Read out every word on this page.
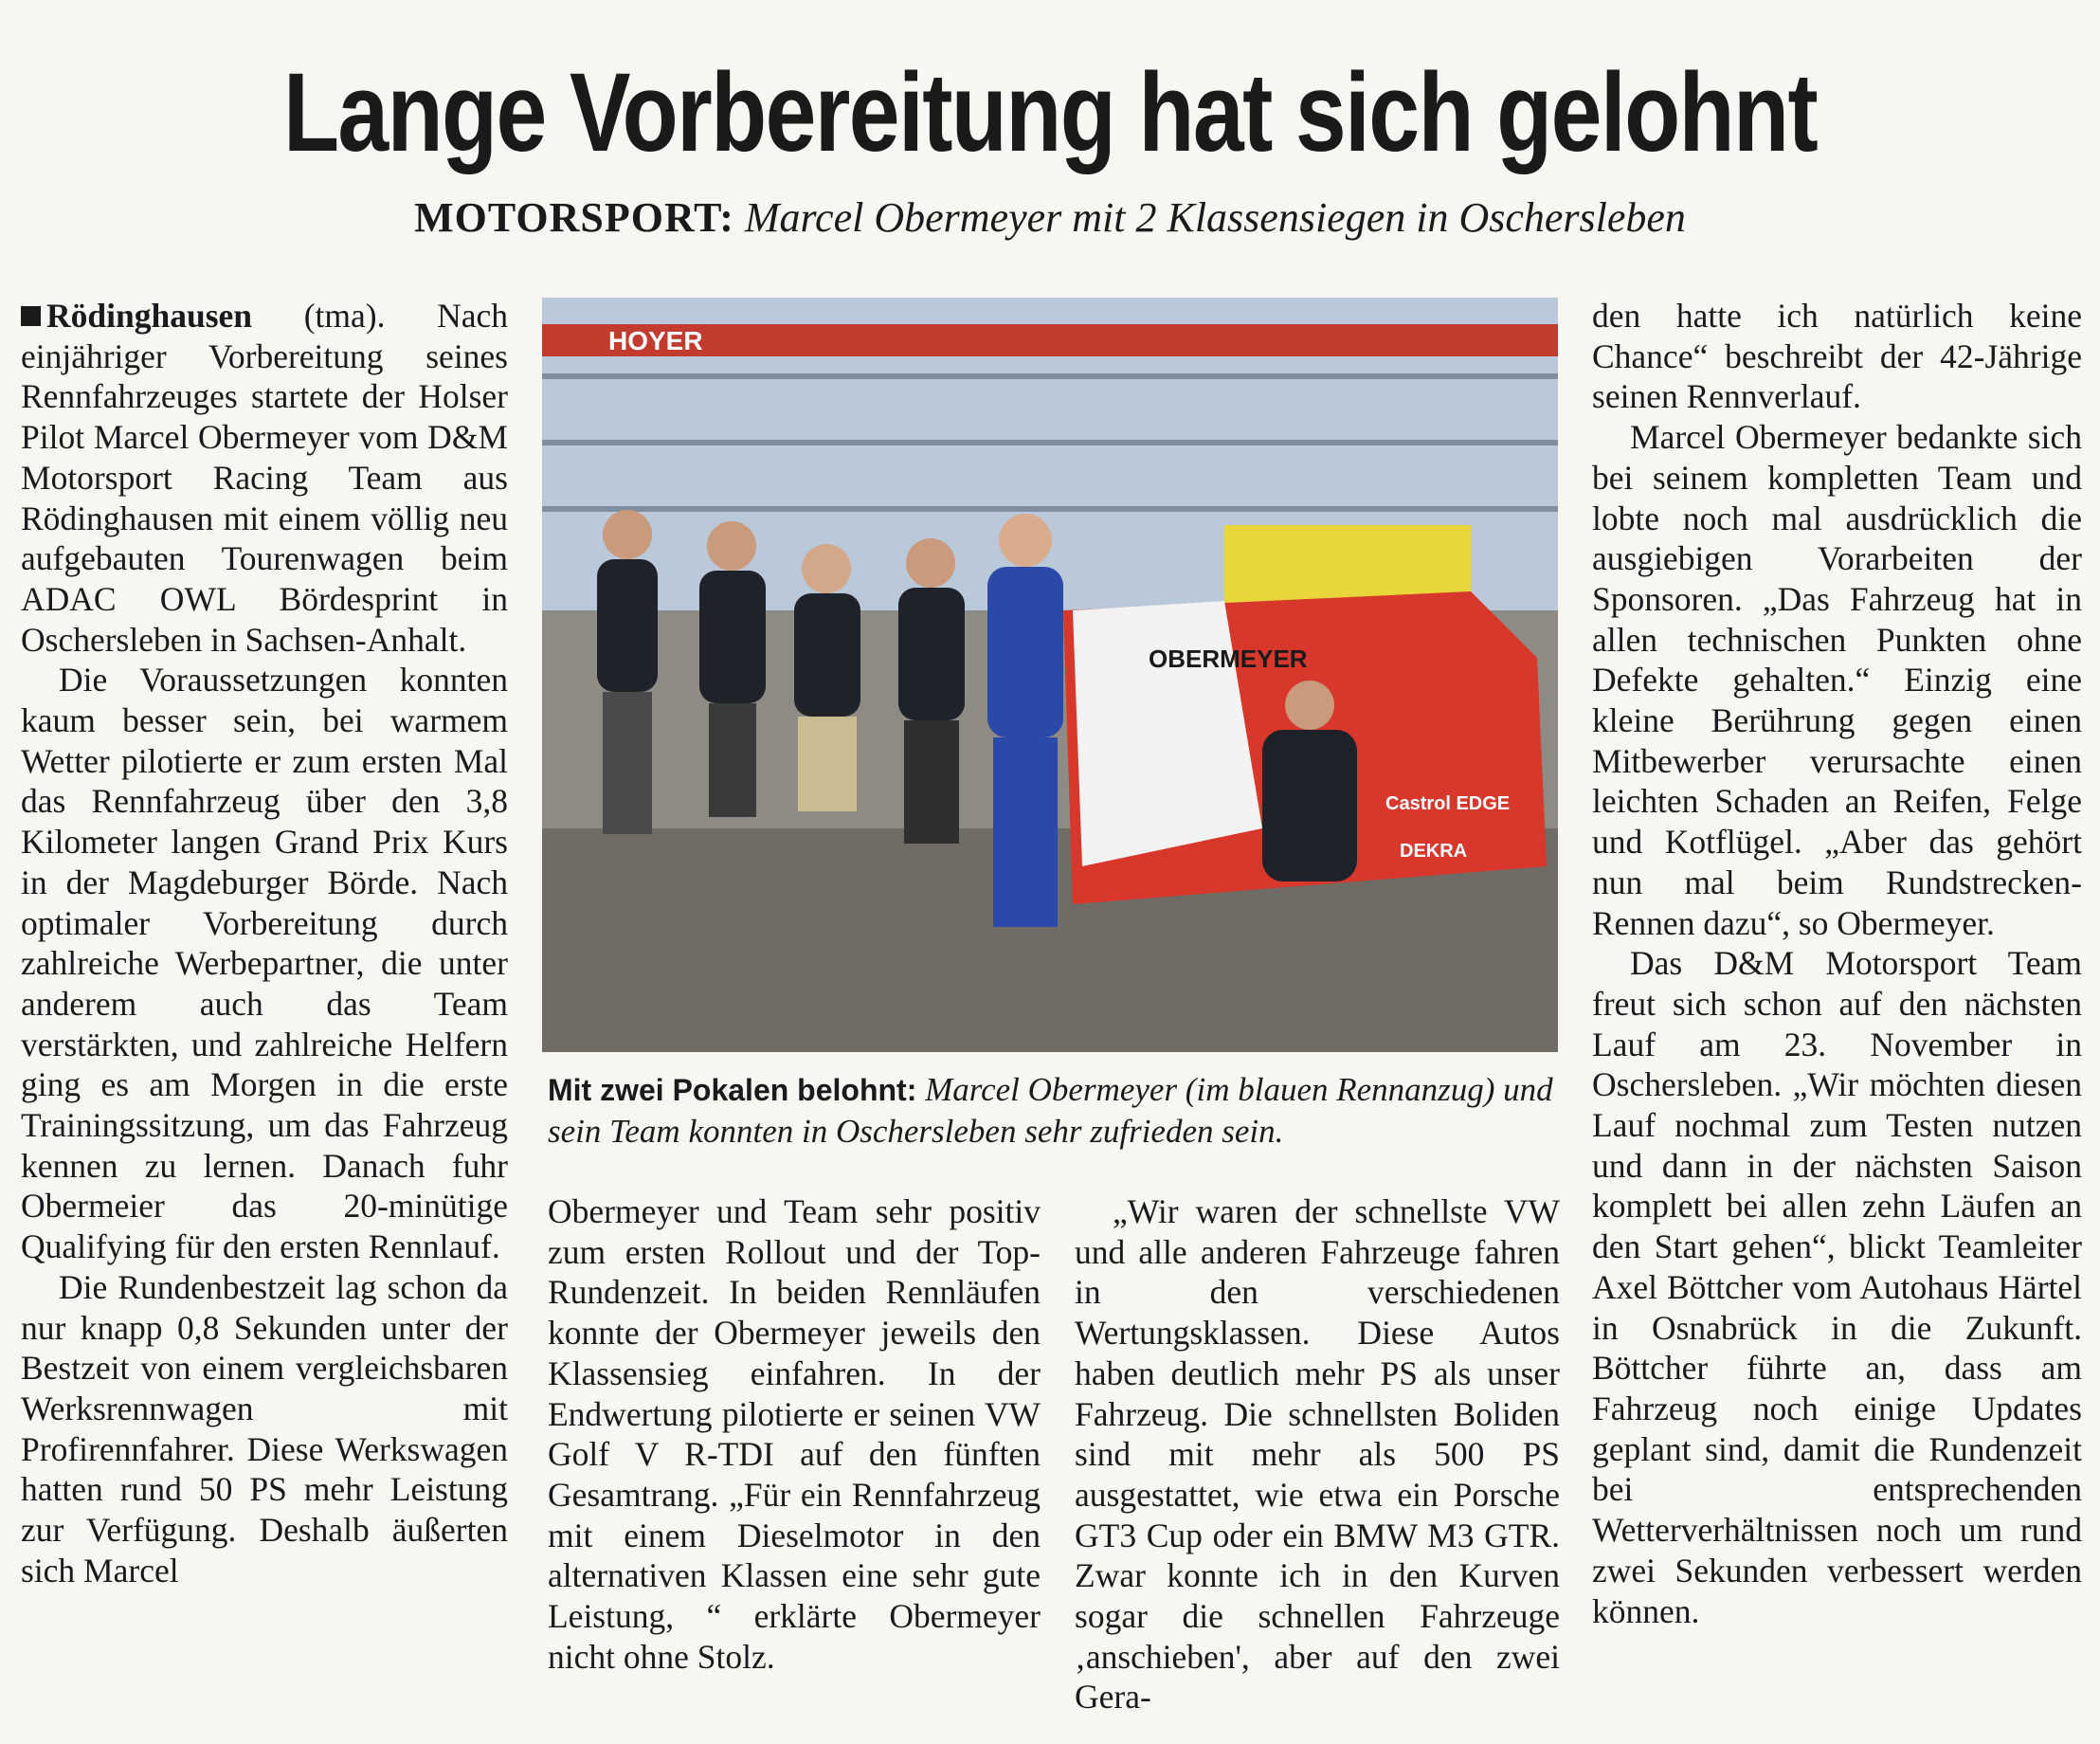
Lange Vorbereitung hat sich gelohnt
MOTORSPORT: Marcel Obermeyer mit 2 Klassensiegen in Oschersleben

Rödinghausen (tma). Nach einjähriger Vorbereitung seines Rennfahrzeuges startete der Holser Pilot Marcel Obermeyer vom D&M Motorsport Racing Team aus Rödinghausen mit einem völlig neu aufgebauten Tourenwagen beim ADAC OWL Bördesprint in Oschersleben in Sachsen-Anhalt.

Die Voraussetzungen konnten kaum besser sein, bei warmem Wetter pilotierte er zum ersten Mal das Rennfahrzeug über den 3,8 Kilometer langen Grand Prix Kurs in der Magdeburger Börde. Nach optimaler Vorbereitung durch zahlreiche Werbepartner, die unter anderem auch das Team verstärkten, und zahlreiche Helfern ging es am Morgen in die erste Trainingssitzung, um das Fahrzeug kennen zu lernen. Danach fuhr Obermeier das 20-minütige Qualifying für den ersten Rennlauf.

Die Rundenbestzeit lag schon da nur knapp 0,8 Sekunden unter der Bestzeit von einem vergleichsbaren Werksrennwagen mit Profirennfahrer. Diese Werkswagen hatten rund 50 PS mehr Leistung zur Verfügung. Deshalb äußerten sich Marcel

HOYER
OBERMEYER
Castrol EDGE
DEKRA
Mit zwei Pokalen belohnt: Marcel Obermeyer (im blauen Rennanzug) und sein Team konnten in Oschersleben sehr zufrieden sein.

Obermeyer und Team sehr positiv zum ersten Rollout und der Top-Rundenzeit. In beiden Rennläufen konnte der Obermeyer jeweils den Klassensieg einfahren. In der Endwertung pilotierte er seinen VW Golf V R-TDI auf den fünften Gesamtrang. „Für ein Rennfahrzeug mit einem Dieselmotor in den alternativen Klassen eine sehr gute Leistung, “ erklärte Obermeyer nicht ohne Stolz.

„Wir waren der schnellste VW und alle anderen Fahrzeuge fahren in den verschiedenen Wertungsklassen. Diese Autos haben deutlich mehr PS als unser Fahrzeug. Die schnellsten Boliden sind mit mehr als 500 PS ausgestattet, wie etwa ein Porsche GT3 Cup oder ein BMW M3 GTR. Zwar konnte ich in den Kurven sogar die schnellen Fahrzeuge ‚anschieben', aber auf den zwei Gera-

den hatte ich natürlich keine Chance“ beschreibt der 42-Jährige seinen Rennverlauf.

Marcel Obermeyer bedankte sich bei seinem kompletten Team und lobte noch mal ausdrücklich die ausgiebigen Vorarbeiten der Sponsoren. „Das Fahrzeug hat in allen technischen Punkten ohne Defekte gehalten.“ Einzig eine kleine Berührung gegen einen Mitbewerber verursachte einen leichten Schaden an Reifen, Felge und Kotflügel. „Aber das gehört nun mal beim Rundstrecken-Rennen dazu“, so Obermeyer.

Das D&M Motorsport Team freut sich schon auf den nächsten Lauf am 23. November in Oschersleben. „Wir möchten diesen Lauf nochmal zum Testen nutzen und dann in der nächsten Saison komplett bei allen zehn Läufen an den Start gehen“, blickt Teamleiter Axel Böttcher vom Autohaus Härtel in Osnabrück in die Zukunft. Böttcher führte an, dass am Fahrzeug noch einige Updates geplant sind, damit die Rundenzeit bei entsprechenden Wetterverhältnissen noch um rund zwei Sekunden verbessert werden können.
